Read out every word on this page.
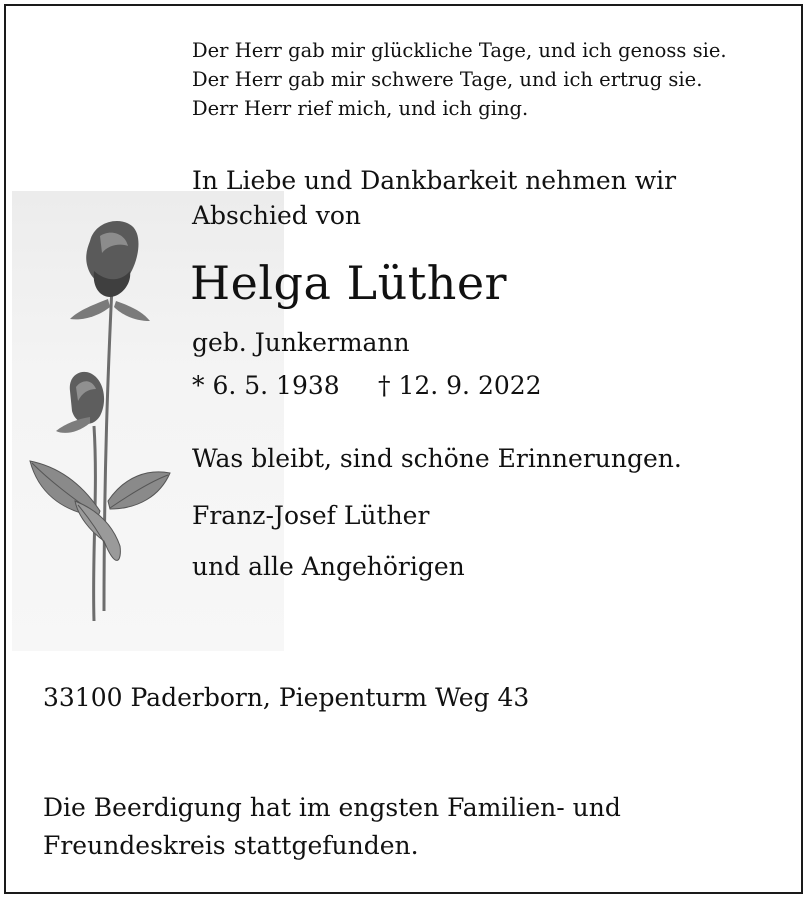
Der Herr gab mir glückliche Tage, und ich genoss sie.
Der Herr gab mir schwere Tage, und ich ertrug sie.
Derr Herr rief mich, und ich ging.
In Liebe und Dankbarkeit nehmen wir
Abschied von
Helga Lüther
geb. Junkermann
* 6. 5. 1938 † 12. 9. 2022
Was bleibt, sind schöne Erinnerungen.
Franz-Josef Lüther
und alle Angehörigen
33100 Paderborn, Piepenturm Weg 43
Die Beerdigung hat im engsten Familien- und
Freundeskreis stattgefunden.
